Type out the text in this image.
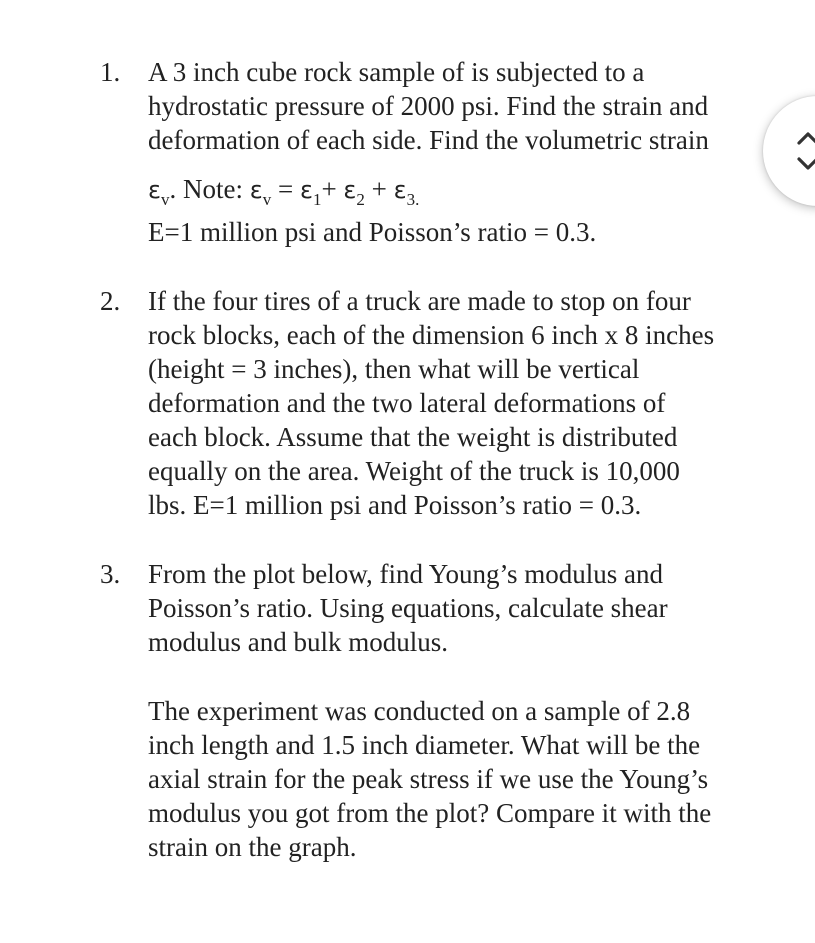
1. A 3 inch cube rock sample of is subjected to a
hydrostatic pressure of 2000 psi. Find the strain and
deformation of each side. Find the volumetric strain
$\varepsilon_v$. Note: $\varepsilon_v = \varepsilon_1+ \varepsilon_2 + \varepsilon_{3.}$
E=1 million psi and Poisson’s ratio = 0.3.
2. If the four tires of a truck are made to stop on four
rock blocks, each of the dimension 6 inch x 8 inches
(height = 3 inches), then what will be vertical
deformation and the two lateral deformations of
each block. Assume that the weight is distributed
equally on the area. Weight of the truck is 10,000
lbs. E=1 million psi and Poisson’s ratio = 0.3.
3. From the plot below, find Young’s modulus and
Poisson’s ratio. Using equations, calculate shear
modulus and bulk modulus.
The experiment was conducted on a sample of 2.8
inch length and 1.5 inch diameter. What will be the
axial strain for the peak stress if we use the Young’s
modulus you got from the plot? Compare it with the
strain on the graph.
